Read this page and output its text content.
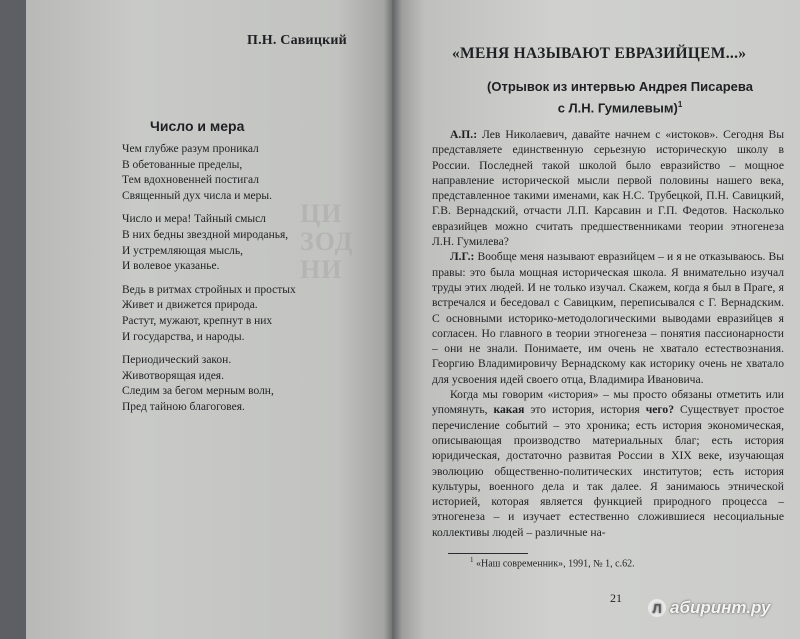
ЦИ
ЗОД
НИ
П.Н. Савицкий
Число и мера
Чем глубже разум проникал
В обетованные пределы,
Тем вдохновенней постигал
Священный дух числа и меры.
Число и мера! Тайный смысл
В них бедны звездной мироданья,
И устремляющая мысль,
И волевое указанье.
Ведь в ритмах стройных и простых
Живет и движется природа.
Растут, мужают, крепнут в них
И государства, и народы.
Периодический закон.
Животворящая идея.
Следим за бегом мерным волн,
Пред тайною благоговея.
«МЕНЯ НАЗЫВАЮТ ЕВРАЗИЙЦЕМ...»
(Отрывок из интервью Андрея Писарева
с Л.Н. Гумилевым)$^1$

А.П.: Лев Николаевич, давайте начнем с «истоков». Сегодня Вы представляете единственную серьезную историческую школу в России. Последней такой школой было евразийство – мощное направление исторической мысли первой половины нашего века, представленное такими именами, как Н.С. Трубецкой, П.Н. Савицкий, Г.В. Вернадский, отчасти Л.П. Карсавин и Г.П. Федотов. Насколько евразийцев можно считать предшественниками теории этногенеза Л.Н. Гумилева?

Л.Г.: Вообще меня называют евразийцем – и я не отказываюсь. Вы правы: это была мощная историческая школа. Я внимательно изучал труды этих людей. И не только изучал. Скажем, когда я был в Праге, я встречался и беседовал с Савицким, переписывался с Г. Вернадским. С основными историко-методологическими выводами евразийцев я согласен. Но главного в теории этногенеза – понятия пассионарности – они не знали. Понимаете, им очень не хватало естествознания. Георгию Владимировичу Вернадскому как историку очень не хватало для усвоения идей своего отца, Владимира Ивановича.

Когда мы говорим «история» – мы просто обязаны отметить или упомянуть, какая это история, история чего? Существует простое перечисление событий – это хроника; есть история экономическая, описывающая производство материальных благ; есть история юридическая, достаточно развитая России в XIX веке, изучающая эволюцию общественно-политических институтов; есть история культуры, военного дела и так далее. Я занимаюсь этнической историей, которая является функцией природного процесса – этногенеза – и изучает естественно сложившиеся несоциальные коллективы людей – различные на-

$^1$ «Наш современник», 1991, № 1, с.62.
21
Л абиринт.ру
